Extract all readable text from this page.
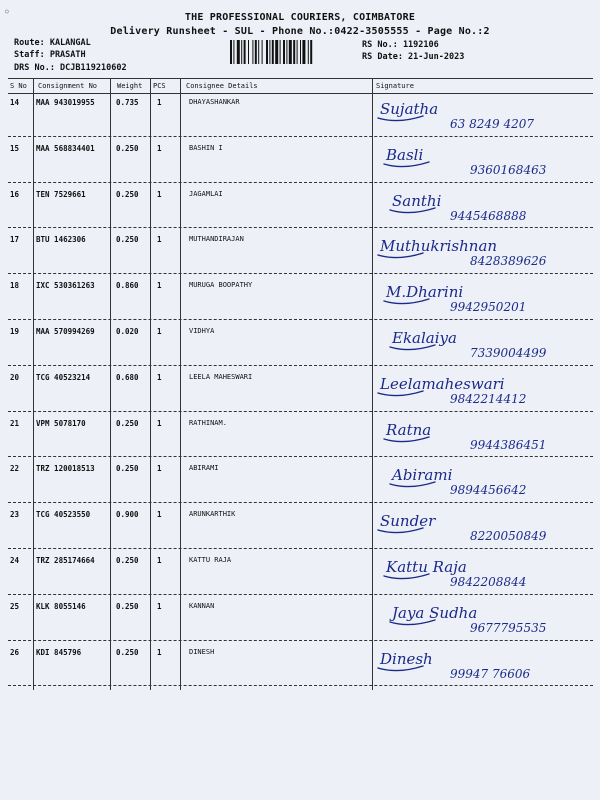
⸰	THE PROFESSIONAL COURIERS, COIMBATORE
Delivery Runsheet - SUL - Phone No.:0422-3505555 - Page No.:2
Route: KALANGAL
Staff: PRASATH
DRS No.: DCJB119210602
RS No.: 1192106
RS Date: 21-Jun-2023
S No Consignment No	Weight PCS	Consignee Details	Signature
14 MAA 943019955	0.735 1	DHAYASHANKAR	Sujatha
63 8249 4207
15 MAA 568834401	0.250 1	BASHIN I	Basli
9360168463
16 TEN 7529661	0.250 1	JAGAMLAI	Santhi
9445468888
17 BTU 1462306	0.250 1	MUTHANDIRAJAN	Muthukrishnan
8428389626
18 IXC 530361263	0.860 1	MURUGA BOOPATHY	M.Dharini
9942950201
19 MAA 570994269	0.020 1	VIDHYA	Ekalaiya
7339004499
20 TCG 40523214	0.680 1	LEELA MAHESWARI	Leelamaheswari
9842214412
21 VPM 5078170	0.250 1	RATHINAM.	Ratna
9944386451
22 TRZ 120018513	0.250 1	ABIRAMI	Abirami
9894456642
23 TCG 40523550	0.900 1	ARUNKARTHIK	Sunder
8220050849
24 TRZ 285174664	0.250 1	KATTU RAJA	Kattu Raja
9842208844
25 KLK 8055146	0.250 1	KANNAN	Jaya Sudha
9677795535
26 KDI 845796	0.250 1	DINESH	Dinesh
99947 76606
